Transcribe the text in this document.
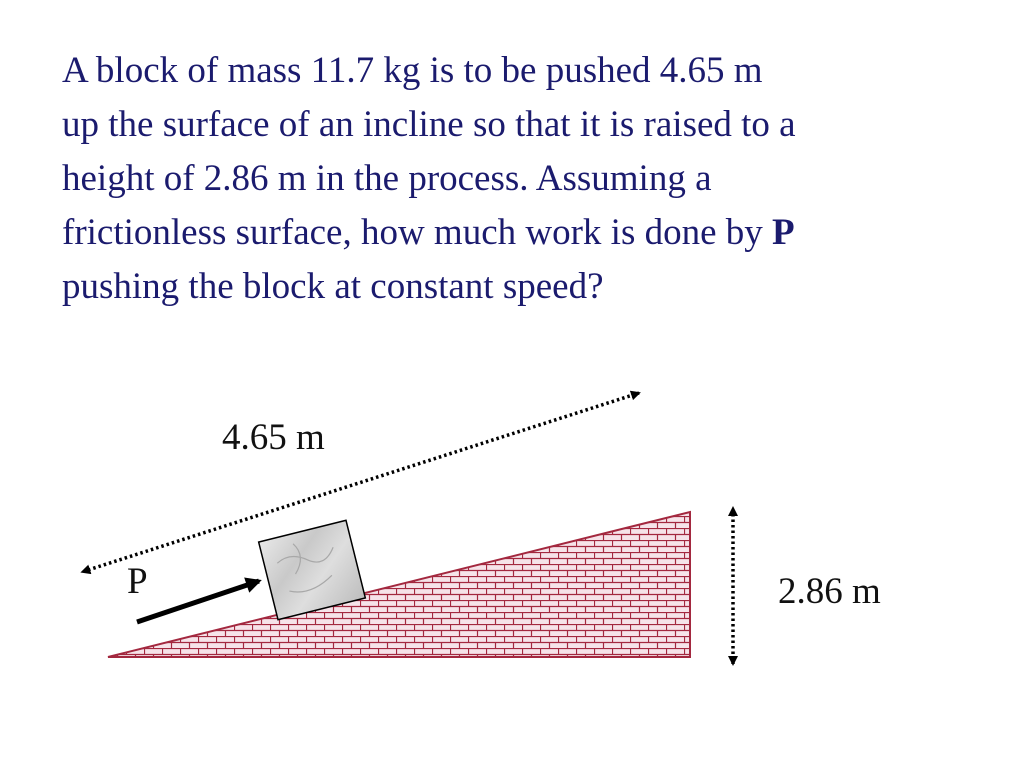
A block of mass 11.7 kg is to be pushed 4.65 m
up the surface of an incline so that it is raised to a
height of 2.86 m in the process. Assuming a
frictionless surface, how much work is done by P
pushing the block at constant speed?

4.65 m
2.86 m
P
